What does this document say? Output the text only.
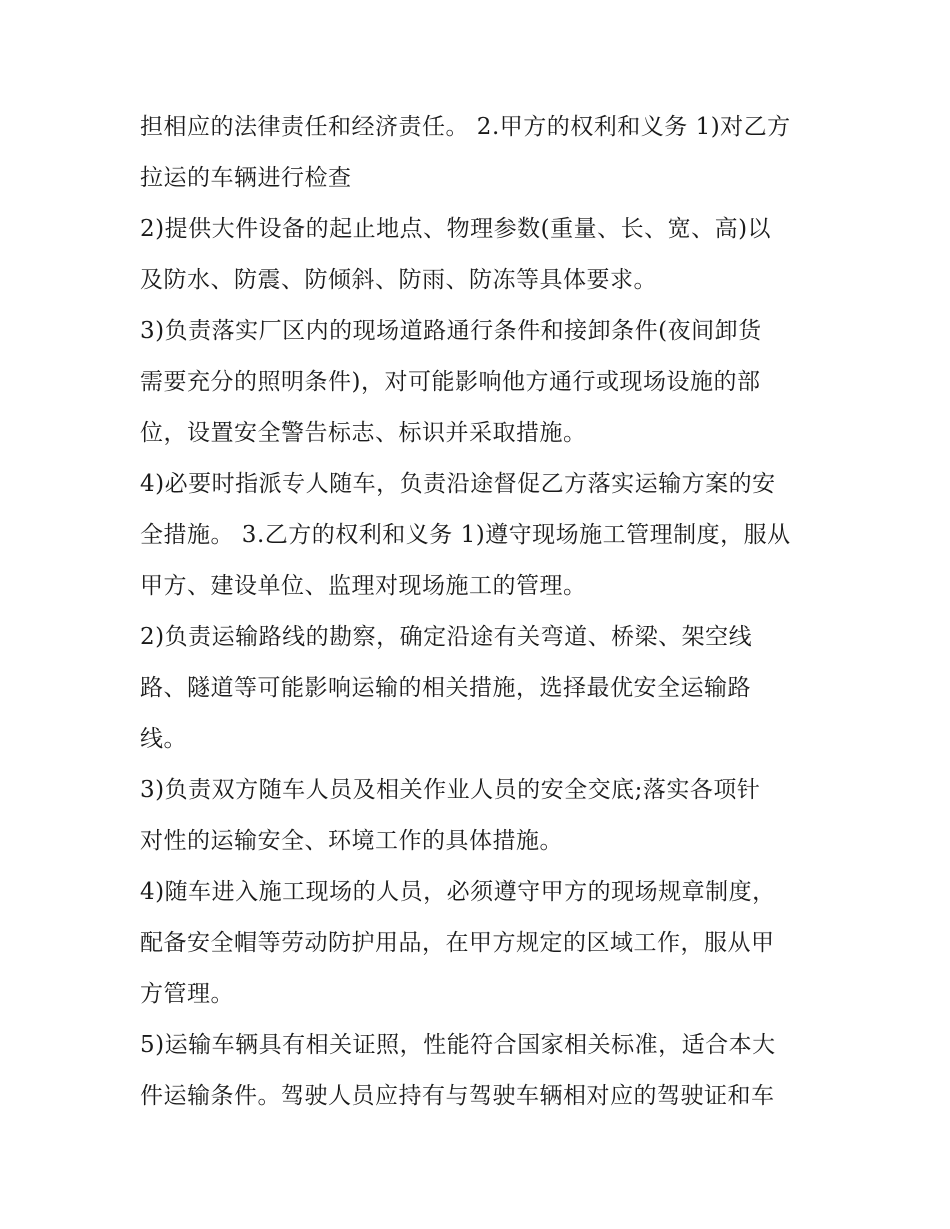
担相应的法律责任和经济责任。 2.甲方的权利和义务 1)对乙方
拉运的车辆进行检查
2)提供大件设备的起止地点、物理参数(重量、长、宽、高)以
及防水、防震、防倾斜、防雨、防冻等具体要求。
3)负责落实厂区内的现场道路通行条件和接卸条件(夜间卸货
需要充分的照明条件)，对可能影响他方通行或现场设施的部
位，设置安全警告标志、标识并采取措施。
4)必要时指派专人随车，负责沿途督促乙方落实运输方案的安
全措施。 3.乙方的权利和义务 1)遵守现场施工管理制度，服从
甲方、建设单位、监理对现场施工的管理。
2)负责运输路线的勘察，确定沿途有关弯道、桥梁、架空线
路、隧道等可能影响运输的相关措施，选择最优安全运输路
线。
3)负责双方随车人员及相关作业人员的安全交底;落实各项针
对性的运输安全、环境工作的具体措施。
4)随车进入施工现场的人员，必须遵守甲方的现场规章制度，
配备安全帽等劳动防护用品，在甲方规定的区域工作，服从甲
方管理。
5)运输车辆具有相关证照，性能符合国家相关标准，适合本大
件运输条件。驾驶人员应持有与驾驶车辆相对应的驾驶证和车
